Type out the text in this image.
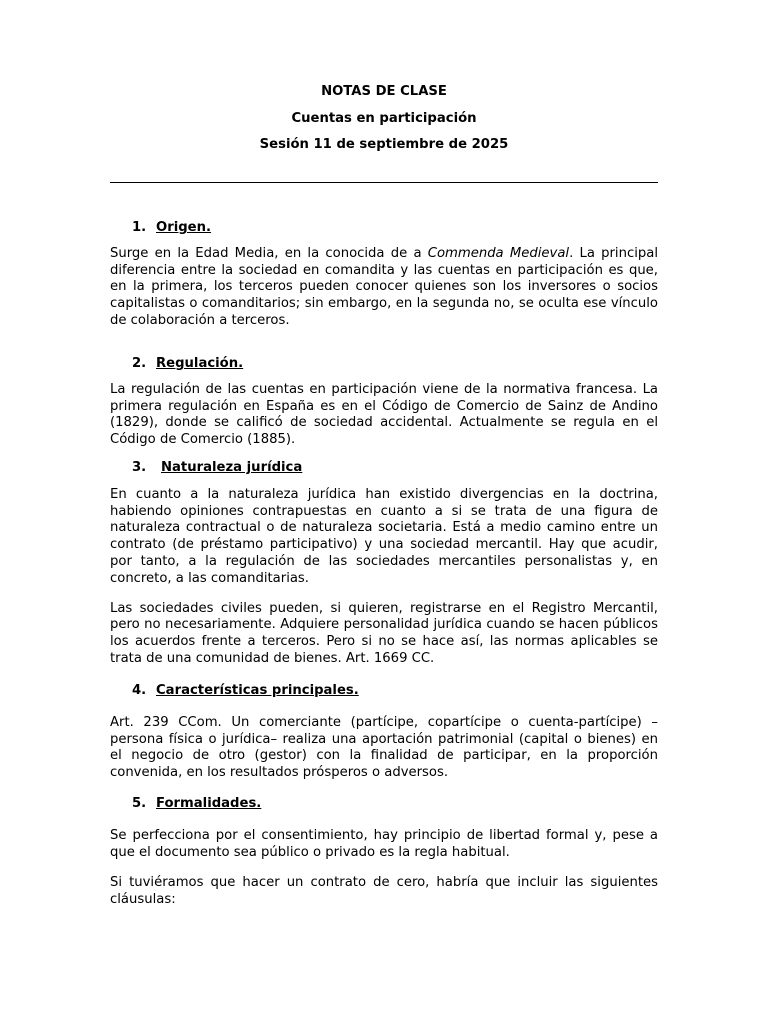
NOTAS DE CLASE
Cuentas en participación
Sesión 11 de septiembre de 2025
1. Origen.

Surge en la Edad Media, en la conocida de a Commenda Medieval. La principal diferencia entre la sociedad en comandita y las cuentas en participación es que, en la primera, los terceros pueden conocer quienes son los inversores o socios capitalistas o comanditarios; sin embargo, en la segunda no, se oculta ese vínculo de colaboración a terceros.

2. Regulación.

La regulación de las cuentas en participación viene de la normativa francesa. La primera regulación en España es en el Código de Comercio de Sainz de Andino (1829), donde se calificó de sociedad accidental. Actualmente se regula en el Código de Comercio (1885).

3. Naturaleza jurídica

En cuanto a la naturaleza jurídica han existido divergencias en la doctrina, habiendo opiniones contrapuestas en cuanto a si se trata de una figura de naturaleza contractual o de naturaleza societaria. Está a medio camino entre un contrato (de préstamo participativo) y una sociedad mercantil. Hay que acudir, por tanto, a la regulación de las sociedades mercantiles personalistas y, en concreto, a las comanditarias.

Las sociedades civiles pueden, si quieren, registrarse en el Registro Mercantil, pero no necesariamente. Adquiere personalidad jurídica cuando se hacen públicos los acuerdos frente a terceros. Pero si no se hace así, las normas aplicables se trata de una comunidad de bienes. Art. 1669 CC.

4. Características principales.

Art. 239 CCom. Un comerciante (partícipe, copartícipe o cuenta-partícipe) –persona física o jurídica– realiza una aportación patrimonial (capital o bienes) en el negocio de otro (gestor) con la finalidad de participar, en la proporción convenida, en los resultados prósperos o adversos.

5. Formalidades.

Se perfecciona por el consentimiento, hay principio de libertad formal y, pese a que el documento sea público o privado es la regla habitual.

Si tuviéramos que hacer un contrato de cero, habría que incluir las siguientes cláusulas:
